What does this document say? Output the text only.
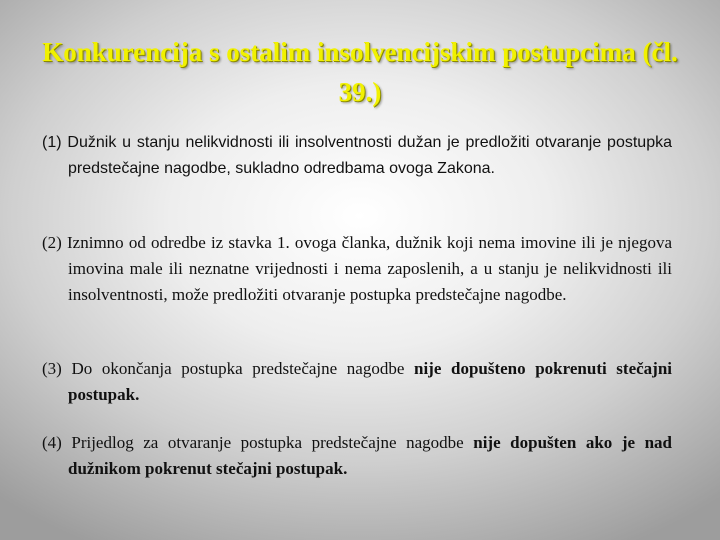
Konkurencija s ostalim insolvencijskim postupcima (čl. 39.)
(1) Dužnik u stanju nelikvidnosti ili insolventnosti dužan je predložiti otvaranje postupka predstečajne nagodbe, sukladno odredbama ovoga Zakona.
(2) Iznimno od odredbe iz stavka 1. ovoga članka, dužnik koji nema imovine ili je njegova imovina male ili neznatne vrijednosti i nema zaposlenih, a u stanju je nelikvidnosti ili insolventnosti, može predložiti otvaranje postupka predstečajne nagodbe.
(3) Do okončanja postupka predstečajne nagodbe nije dopušteno pokrenuti stečajni postupak.
(4) Prijedlog za otvaranje postupka predstečajne nagodbe nije dopušten ako je nad dužnikom pokrenut stečajni postupak.
